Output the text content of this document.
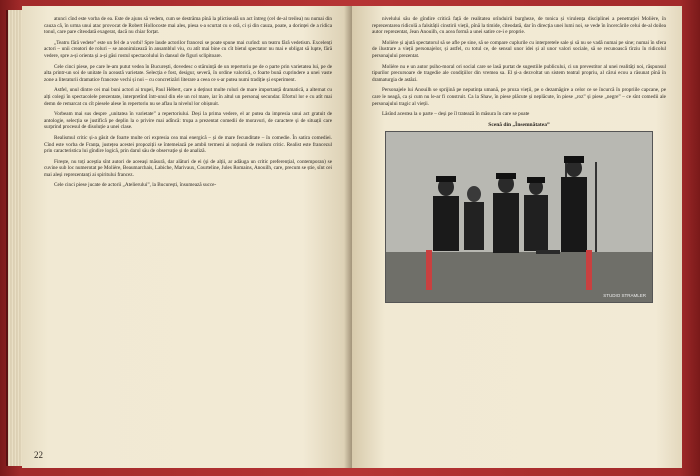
atunci cînd este vorba de ea. Este de ajuns să vedem, cum se destrăma pînă la plictiseală un act întreg (cel de-al treilea) nu numai din cauza că, în urma unui atac provocat de Robert Hollocoste mai ales, piesa s-a scurtat cu o oră, ci și din cauza, poate, a dorinței de a ridica tonul, care pare cîteodată exagerat, dacă nu chiar forțat.

„Teatru fără vedete” este un fel de a vorbi! Spre laude actorilor francezi se poate spune mai curînd: un teatru fără vedetism. Excelenți actori – unii creatori de roluri – se anonimizează în ansamblul viu, cu atît mai bine cu cît bietul spectator nu mai e obligat să lupte, fără vedere, spre a-și orienta și a-și găsi rostul spectacolului în dansul de figuri sclipitoare.

Cele cinci piese, pe care le-am putut vedea în București, dovedesc o stăruință de un repertoriu pe de o parte prin varietatea lui, pe de alta printr-un soi de unitate în această varietate. Selecția e fost, desigur, severă, în ordine valorică, o foarte bună cuprindere a unei vaste zone a literaturii dramatice franceze vechi și noi – cu concretizări literare a ceea ce s-ar putea numi tradiție și experiment.

Astfel, unul dintre cei mai buni actori ai trupei, Paul Hébert, care a deținut multe roluri de mare importanță dramatică, a alternat cu alți colegi în spectacolele prezentate, interpretînd într-unul din ele un rol mare, iar în altul un personaj secundar. Efortul lor e cu atît mai demn de remarcat cu cît piesele alese în repertoriu nu se aflau la nivelul lor obișnuit.

Vorbeam mai sus despre „unitatea în varietate” a repertoriului. Deși la prima vedere, el ar putea da impresia unui act gratuit de antologie, selecția se justifică pe deplin la o privire mai adîncă: trupa a prezentat comedii de moravuri, de caractere și de situații care surprind procesul de disoluție a unei clase.

Realismul critic și-a găsit de foarte multe ori expresia cea mai energică – și de mare fecunditate – în comedie. În satira comediei. Cînd este vorba de Franța, justețea acestei propoziții se întemeiază pe ambii termeni ai noțiunii de realism critic. Realist este francezul prin caracteristica lui gîndire logică, prin darul său de observație și de analiză.

Firește, nu toți aceștia sînt autori de aceeași măsură, dar alături de ei (și de alții, ar adăuga un critic preferențial, contemporan) se cuvine sub loc numerotat pe Molière, Beaumarchais, Labiche, Marivaux, Courteline, Jules Romains, Anouilh, care, precum se știe, sînt cei mai aleși reprezentanți ai spiritului francez.

Cele cinci piese jucate de actorii „Atelierului”, la București, însumează succe-

22

nivelului său de gîndire critică față de realitatea orînduirii burgheze, de tonica și virulența disciplinei a penetrației Molière, în reprezentarea ridicolă a falsității cinstirii vieții, pînă la timide, cîteodată, dar în direcția unei lumi noi, se vede în încercările celui de-al doilea autor reprezentat, Jean Anouilh, cu acea formă a unei satire ce-i e proprie.

Molière și ajută spectatorul să se afle pe sine, să se compare cuplurile cu interpretele sale și să nu se vadă numai pe sine; numai în sfera de ilustrare a vieții personajelor, și astfel, cu totul ce, de sensul unor idei și al unor valori sociale, să se recunoască tîrziu în ridicolul personajului prezentat.

Molière nu e un autor psiho-moral ori social care se lasă purtat de sugestiile publicului, ci un prevestitor al unei realități noi, răspunsul tipurilor precursoare de tragedie ale condițiilor din vremea sa. El și-a dezvoltat un sistem teatral propriu, al cărui ecou a răsunat pînă în dramaturgia de astăzi.

Personajele lui Anouilh se sprijină pe neputința umană, pe proza vieții, pe o dezamăgire a celor ce se încurcă în propriile capcane, pe care le neagă, ca și cum nu le-ar fi construit. Ca la Shaw, în piese plăcute și neplăcute, în piese „roz” și piese „negre” – ce sînt comedii ale personajului tragic al vieții.

Lăsînd acestea la o parte – deși pe îl tratează în măsura în care se poate

Scenă din „Însemnătatea”
STUDIO STRAMLER
